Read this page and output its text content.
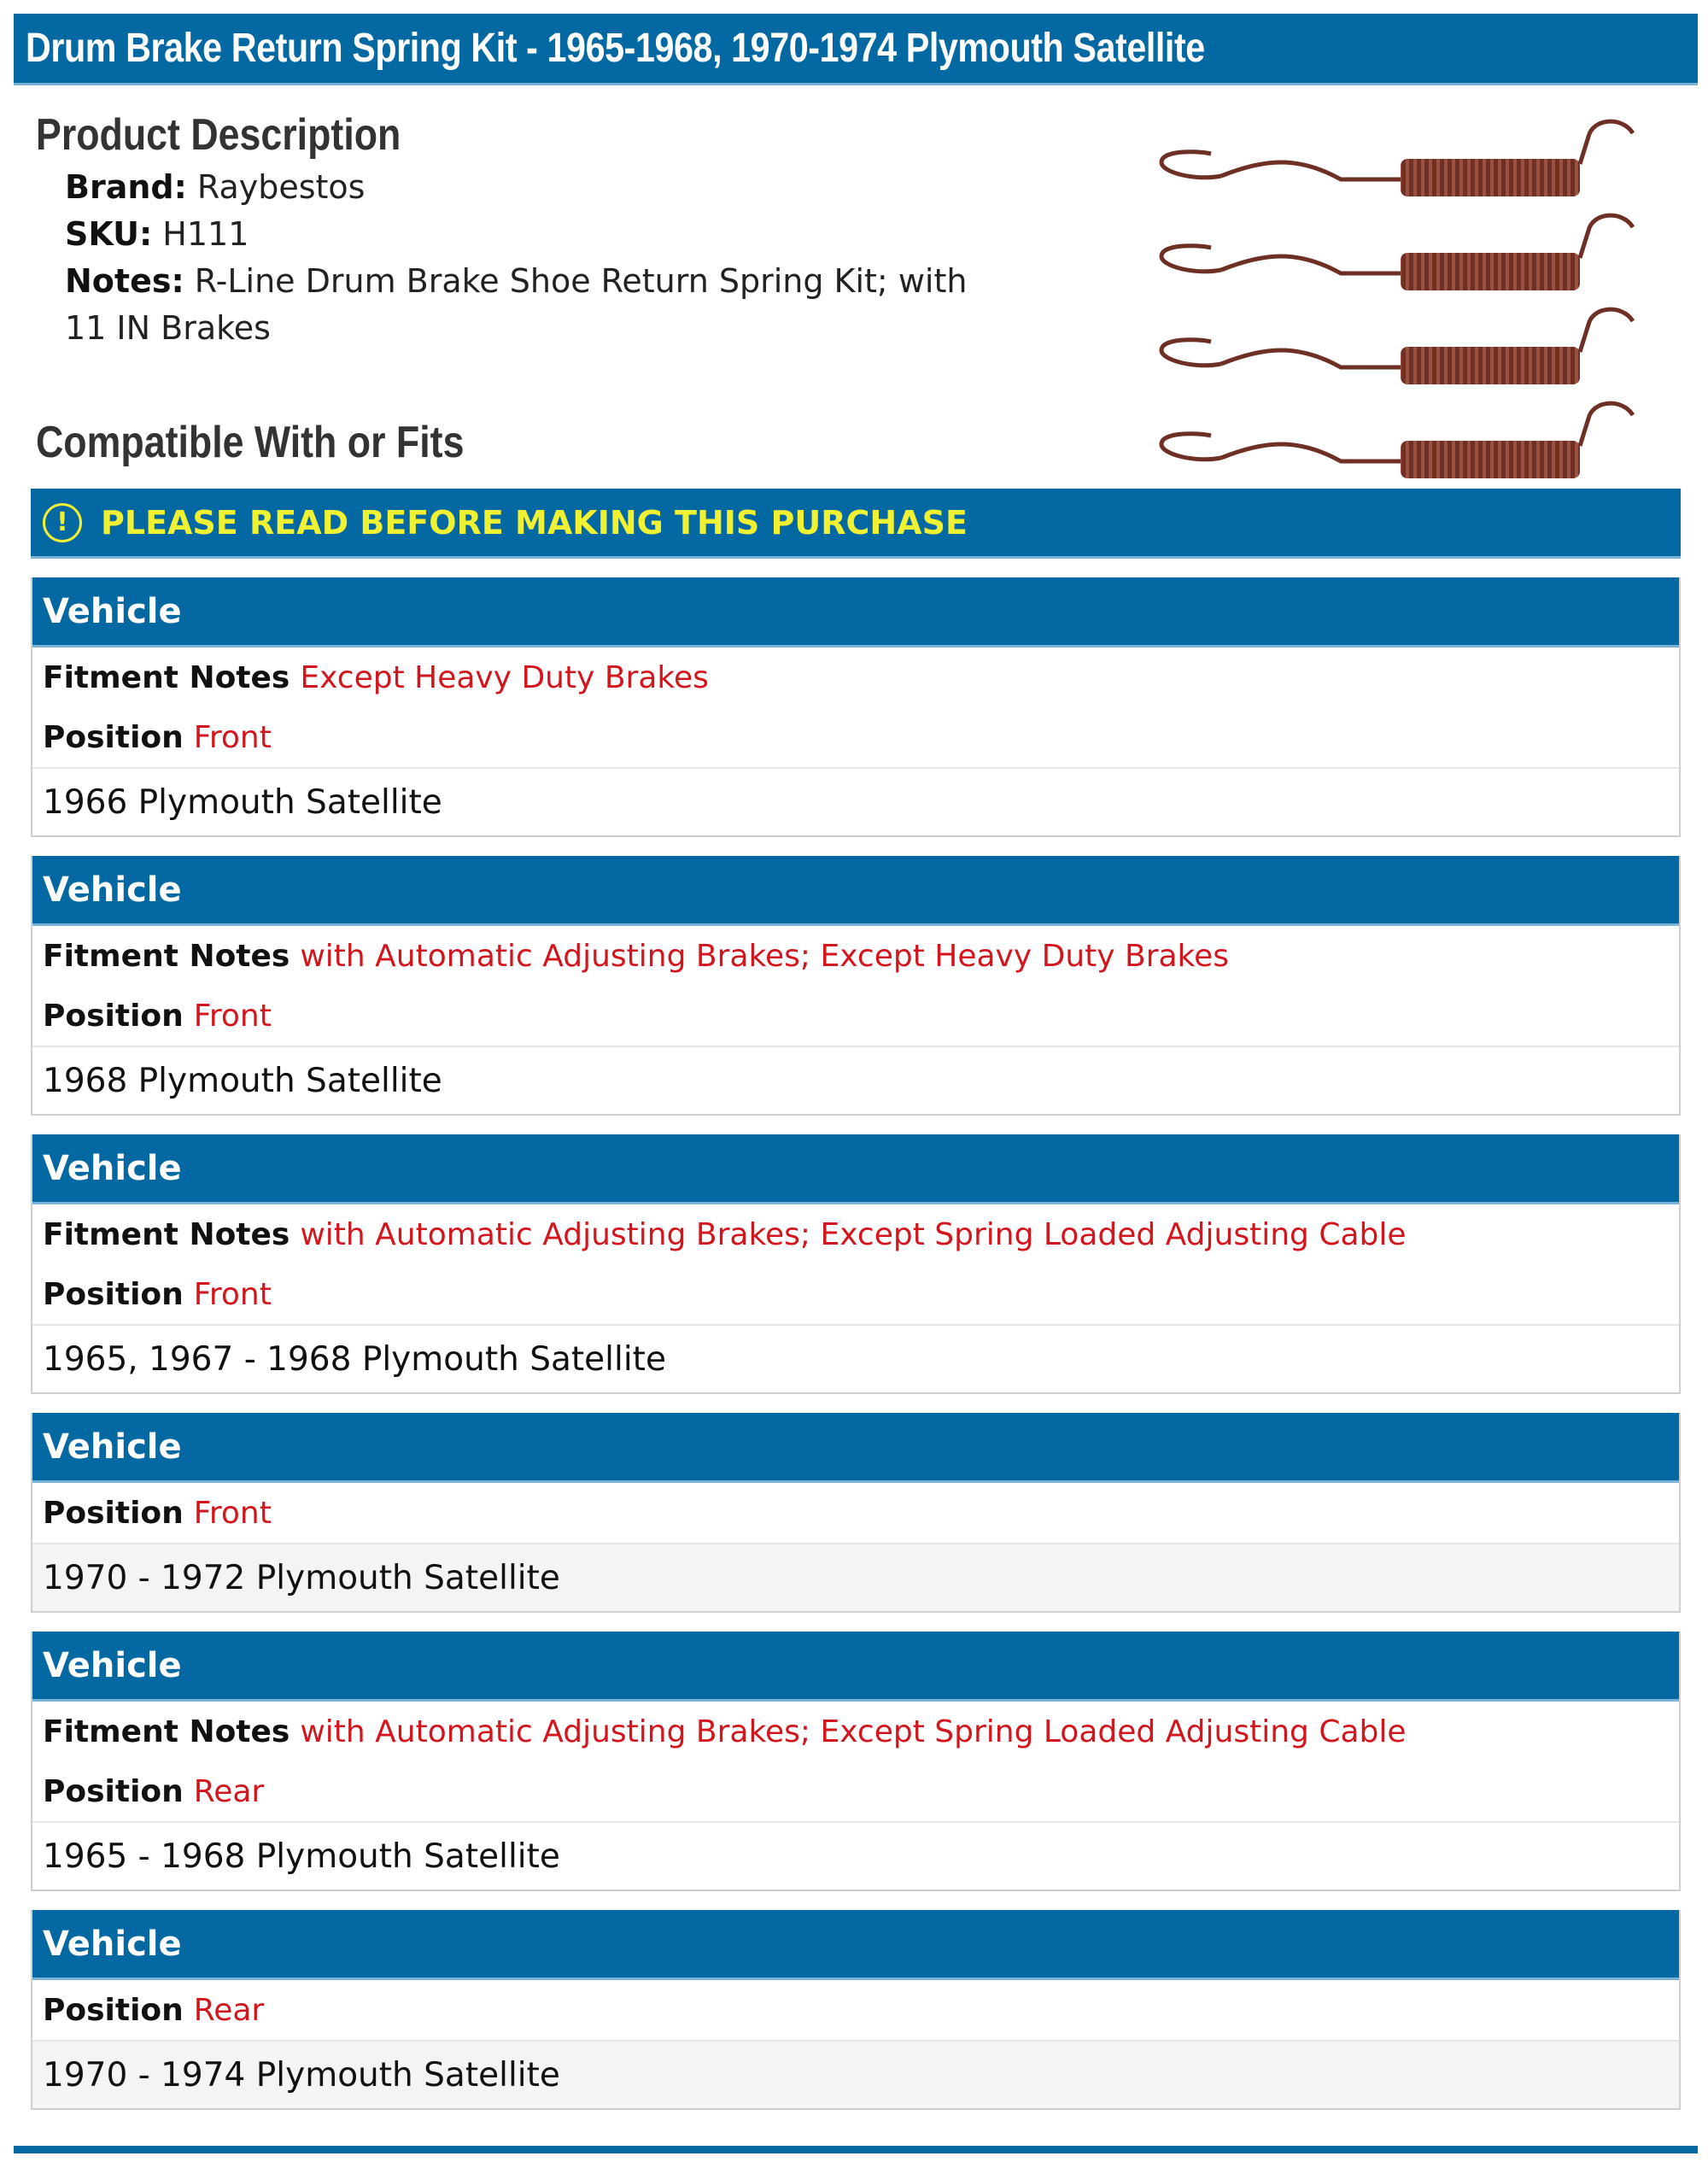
Drum Brake Return Spring Kit - 1965-1968, 1970-1974 Plymouth Satellite
Product Description

Brand: Raybestos

SKU: H111

Notes: R-Line Drum Brake Shoe Return Spring Kit; with 11 IN Brakes

Compatible With or Fits
!	PLEASE READ BEFORE MAKING THIS PURCHASE
Vehicle
Fitment Notes Except Heavy Duty Brakes
Position Front
1966 Plymouth Satellite
Vehicle
Fitment Notes with Automatic Adjusting Brakes; Except Heavy Duty Brakes
Position Front
1968 Plymouth Satellite
Vehicle
Fitment Notes with Automatic Adjusting Brakes; Except Spring Loaded Adjusting Cable
Position Front
1965, 1967 - 1968 Plymouth Satellite
Vehicle
Position Front
1970 - 1972 Plymouth Satellite
Vehicle
Fitment Notes with Automatic Adjusting Brakes; Except Spring Loaded Adjusting Cable
Position Rear
1965 - 1968 Plymouth Satellite
Vehicle
Position Rear
1970 - 1974 Plymouth Satellite
